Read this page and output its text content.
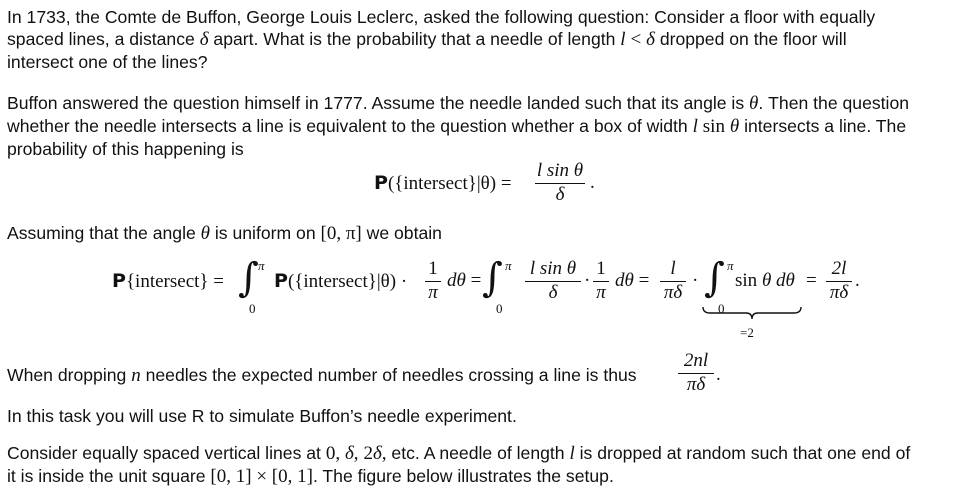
In 1733, the Comte de Buffon, George Louis Leclerc, asked the following question: Consider a floor with equally
spaced lines, a distance δ apart. What is the probability that a needle of length l < δ dropped on the floor will
intersect one of the lines?
Buffon answered the question himself in 1777. Assume the needle landed such that its angle is θ. Then the question
whether the needle intersects a line is equivalent to the question whether a box of width l sin θ intersects a line. The
probability of this happening is
P({intersect}|θ) =
l sin θ
δ
.
Assuming that the angle θ is uniform on [0, π] we obtain
P{intersect} = ∫ π
0
P({intersect}|θ) ·
1
π
dθ = ∫ π
0
l sin θ
δ
·
1
π
dθ =
l
πδ
· ∫ π
0
sin θ dθ
=2
=
2l
πδ
.
When dropping n needles the expected number of needles crossing a line is thus
2nl
πδ .
In this task you will use R to simulate Buffon’s needle experiment.
Consider equally spaced vertical lines at 0, δ, 2δ, etc. A needle of length l is dropped at random such that one end of
it is inside the unit square [0, 1] × [0, 1]. The figure below illustrates the setup.
